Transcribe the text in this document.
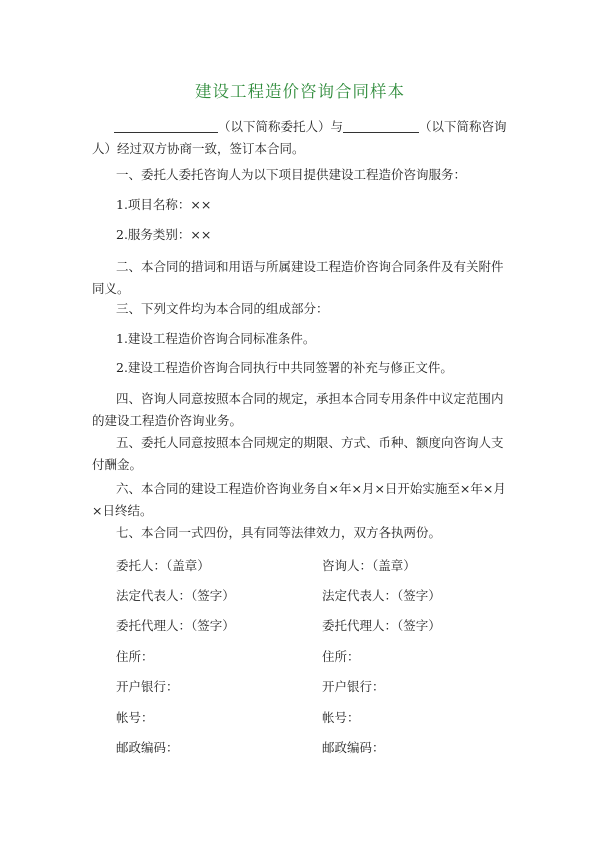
建设工程造价咨询合同样本

（以下简称委托人）与	（以下简称咨询

人）经过双方协商一致，签订本合同。

一、委托人委托咨询人为以下项目提供建设工程造价咨询服务：

1.项目名称：××

2.服务类别：××

二、本合同的措词和用语与所属建设工程造价咨询合同条件及有关附件同义。

三、下列文件均为本合同的组成部分：

1.建设工程造价咨询合同标准条件。

2.建设工程造价咨询合同执行中共同签署的补充与修正文件。

四、咨询人同意按照本合同的规定，承担本合同专用条件中议定范围内的建设工程造价咨询业务。

五、委托人同意按照本合同规定的期限、方式、币种、额度向咨询人支付酬金。

六、本合同的建设工程造价咨询业务自×年×月×日开始实施至×年×月×日终结。

七、本合同一式四份，具有同等法律效力，双方各执两份。

委托人：（盖章）
法定代表人：（签字）
委托代理人：（签字）
住所：
开户银行：
帐号：
邮政编码：
咨询人：（盖章）
法定代表人：（签字）
委托代理人：（签字）
住所：
开户银行：
帐号：
邮政编码：
